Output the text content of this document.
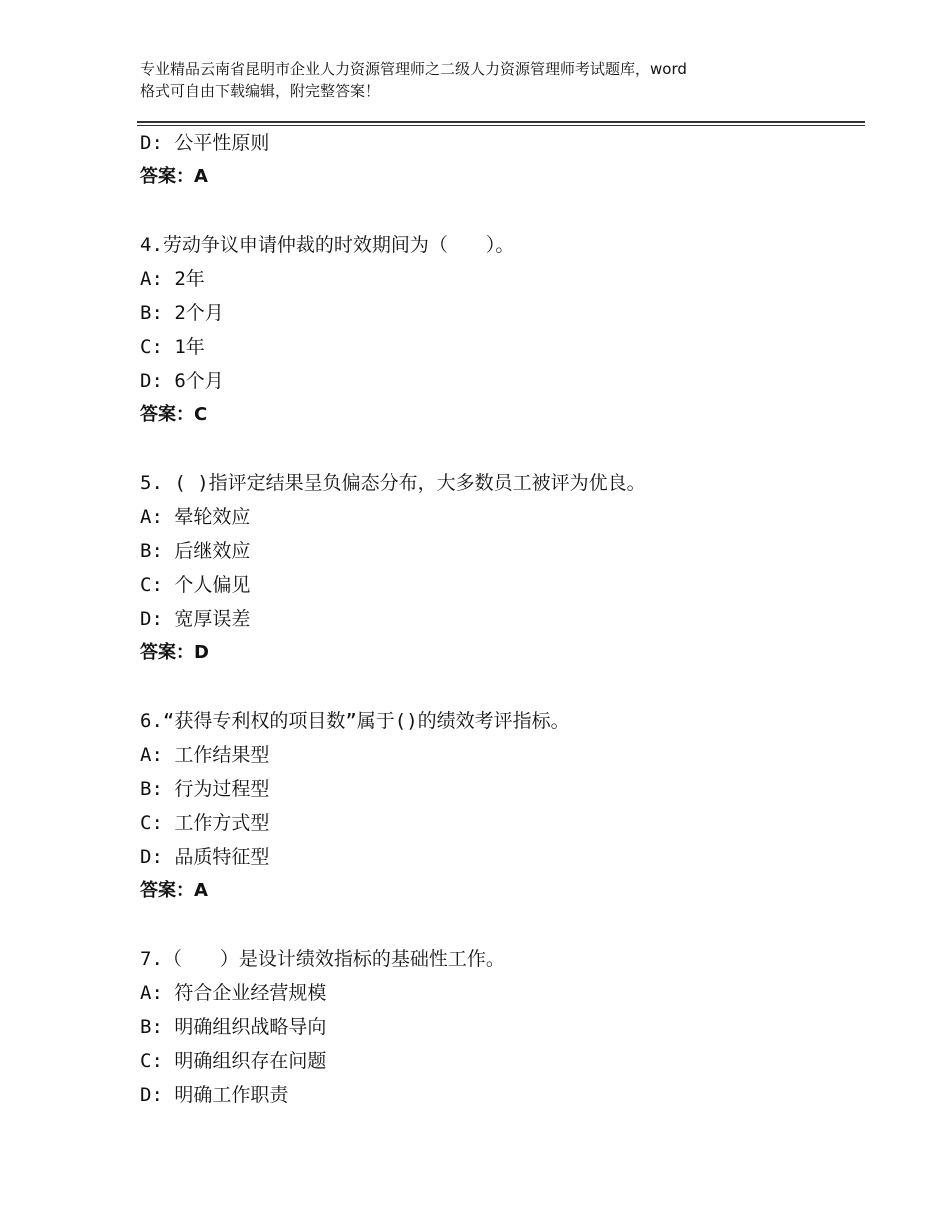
专业精品云南省昆明市企业人力资源管理师之二级人力资源管理师考试题库，word
格式可自由下载编辑，附完整答案！
D: 公平性原则
答案：A
4.劳动争议申请仲裁的时效期间为（　　）。
A: 2年
B: 2个月
C: 1年
D: 6个月
答案：C
5. ( )指评定结果呈负偏态分布，大多数员工被评为优良。
A: 晕轮效应
B: 后继效应
C: 个人偏见
D: 宽厚误差
答案：D
6.“获得专利权的项目数”属于()的绩效考评指标。
A: 工作结果型
B: 行为过程型
C: 工作方式型
D: 品质特征型
答案：A
7.（　　）是设计绩效指标的基础性工作。
A: 符合企业经营规模
B: 明确组织战略导向
C: 明确组织存在问题
D: 明确工作职责
